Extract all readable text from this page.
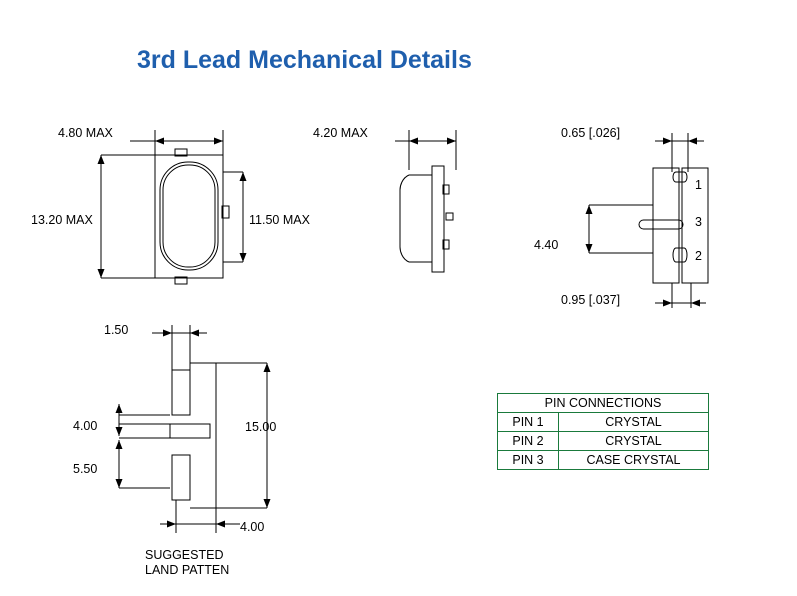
3rd Lead Mechanical Details
4.80 MAX
13.20 MAX	11.50 MAX
4.20 MAX	0.65 [.026]
0.95 [.037]
4.40
1
3
2
1.50
4.00
5.50
15.00
4.00
SUGGESTED
LAND PATTEN
PIN CONNECTIONS	
PIN 1	CRYSTAL
PIN 2	CRYSTAL
PIN 3	CASE CRYSTAL
